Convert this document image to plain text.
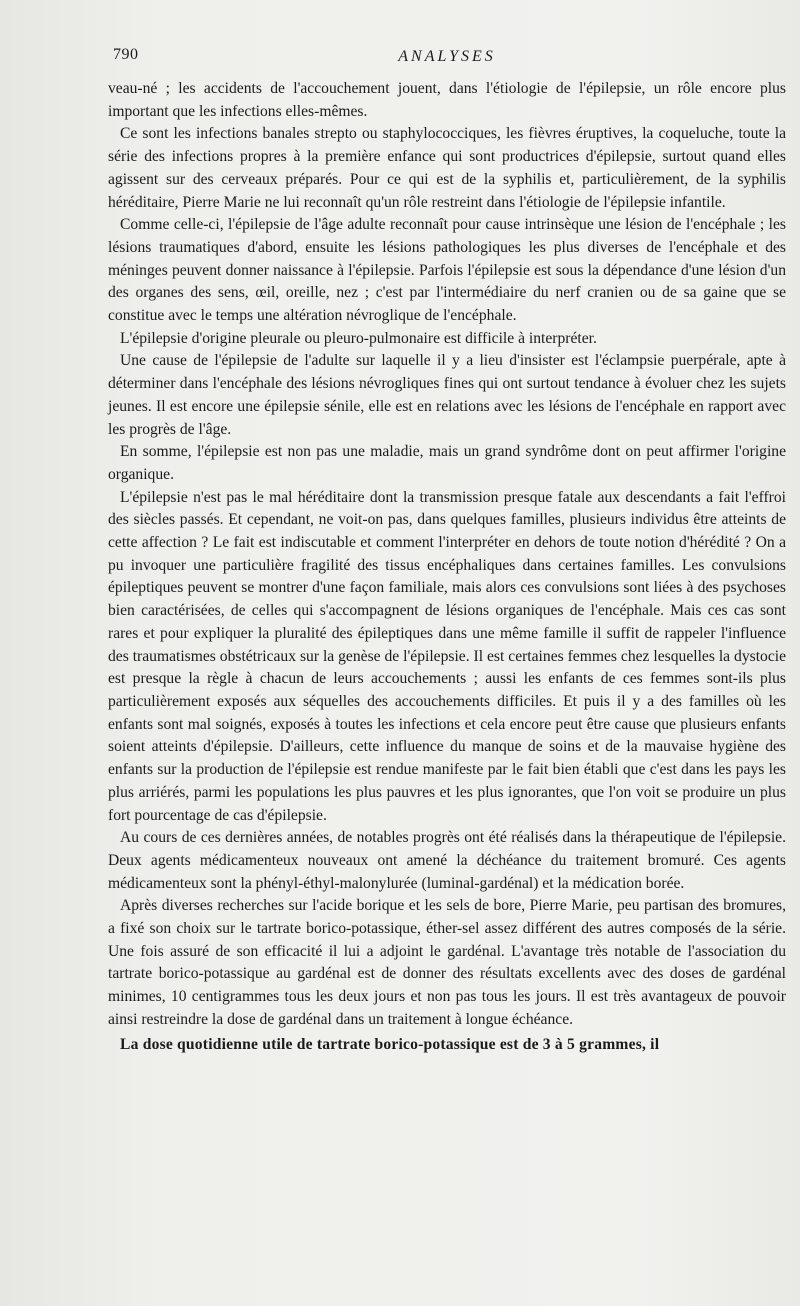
790	ANALYSES

veau-né ; les accidents de l'accouchement jouent, dans l'étiologie de l'épilepsie, un rôle encore plus important que les infections elles-mêmes.

Ce sont les infections banales strepto ou staphylococciques, les fièvres éruptives, la coqueluche, toute la série des infections propres à la première enfance qui sont productrices d'épilepsie, surtout quand elles agissent sur des cerveaux préparés. Pour ce qui est de la syphilis et, particulièrement, de la syphilis héréditaire, Pierre Marie ne lui reconnaît qu'un rôle restreint dans l'étiologie de l'épilepsie infantile.

Comme celle-ci, l'épilepsie de l'âge adulte reconnaît pour cause intrinsèque une lésion de l'encéphale ; les lésions traumatiques d'abord, ensuite les lésions pathologiques les plus diverses de l'encéphale et des méninges peuvent donner naissance à l'épilepsie. Parfois l'épilepsie est sous la dépendance d'une lésion d'un des organes des sens, œil, oreille, nez ; c'est par l'intermédiaire du nerf cranien ou de sa gaine que se constitue avec le temps une altération névroglique de l'encéphale.

L'épilepsie d'origine pleurale ou pleuro-pulmonaire est difficile à interpréter.

Une cause de l'épilepsie de l'adulte sur laquelle il y a lieu d'insister est l'éclampsie puerpérale, apte à déterminer dans l'encéphale des lésions névrogliques fines qui ont surtout tendance à évoluer chez les sujets jeunes. Il est encore une épilepsie sénile, elle est en relations avec les lésions de l'encéphale en rapport avec les progrès de l'âge.

En somme, l'épilepsie est non pas une maladie, mais un grand syndrôme dont on peut affirmer l'origine organique.

L'épilepsie n'est pas le mal héréditaire dont la transmission presque fatale aux descendants a fait l'effroi des siècles passés. Et cependant, ne voit-on pas, dans quelques familles, plusieurs individus être atteints de cette affection ? Le fait est indiscutable et comment l'interpréter en dehors de toute notion d'hérédité ? On a pu invoquer une particulière fragilité des tissus encéphaliques dans certaines familles. Les convulsions épileptiques peuvent se montrer d'une façon familiale, mais alors ces convulsions sont liées à des psychoses bien caractérisées, de celles qui s'accompagnent de lésions organiques de l'encéphale. Mais ces cas sont rares et pour expliquer la pluralité des épileptiques dans une même famille il suffit de rappeler l'influence des traumatismes obstétricaux sur la genèse de l'épilepsie. Il est certaines femmes chez lesquelles la dystocie est presque la règle à chacun de leurs accouchements ; aussi les enfants de ces femmes sont-ils plus particulièrement exposés aux séquelles des accouchements difficiles. Et puis il y a des familles où les enfants sont mal soignés, exposés à toutes les infections et cela encore peut être cause que plusieurs enfants soient atteints d'épilepsie. D'ailleurs, cette influence du manque de soins et de la mauvaise hygiène des enfants sur la production de l'épilepsie est rendue manifeste par le fait bien établi que c'est dans les pays les plus arriérés, parmi les populations les plus pauvres et les plus ignorantes, que l'on voit se produire un plus fort pourcentage de cas d'épilepsie.

Au cours de ces dernières années, de notables progrès ont été réalisés dans la thérapeutique de l'épilepsie. Deux agents médicamenteux nouveaux ont amené la déchéance du traitement bromuré. Ces agents médicamenteux sont la phényl-éthyl-malonylurée (luminal-gardénal) et la médication borée.

Après diverses recherches sur l'acide borique et les sels de bore, Pierre Marie, peu partisan des bromures, a fixé son choix sur le tartrate borico-potassique, éther-sel assez différent des autres composés de la série. Une fois assuré de son efficacité il lui a adjoint le gardénal. L'avantage très notable de l'association du tartrate borico-potassique au gardénal est de donner des résultats excellents avec des doses de gardénal minimes, 10 centigrammes tous les deux jours et non pas tous les jours. Il est très avantageux de pouvoir ainsi restreindre la dose de gardénal dans un traitement à longue échéance.

La dose quotidienne utile de tartrate borico-potassique est de 3 à 5 grammes, il
